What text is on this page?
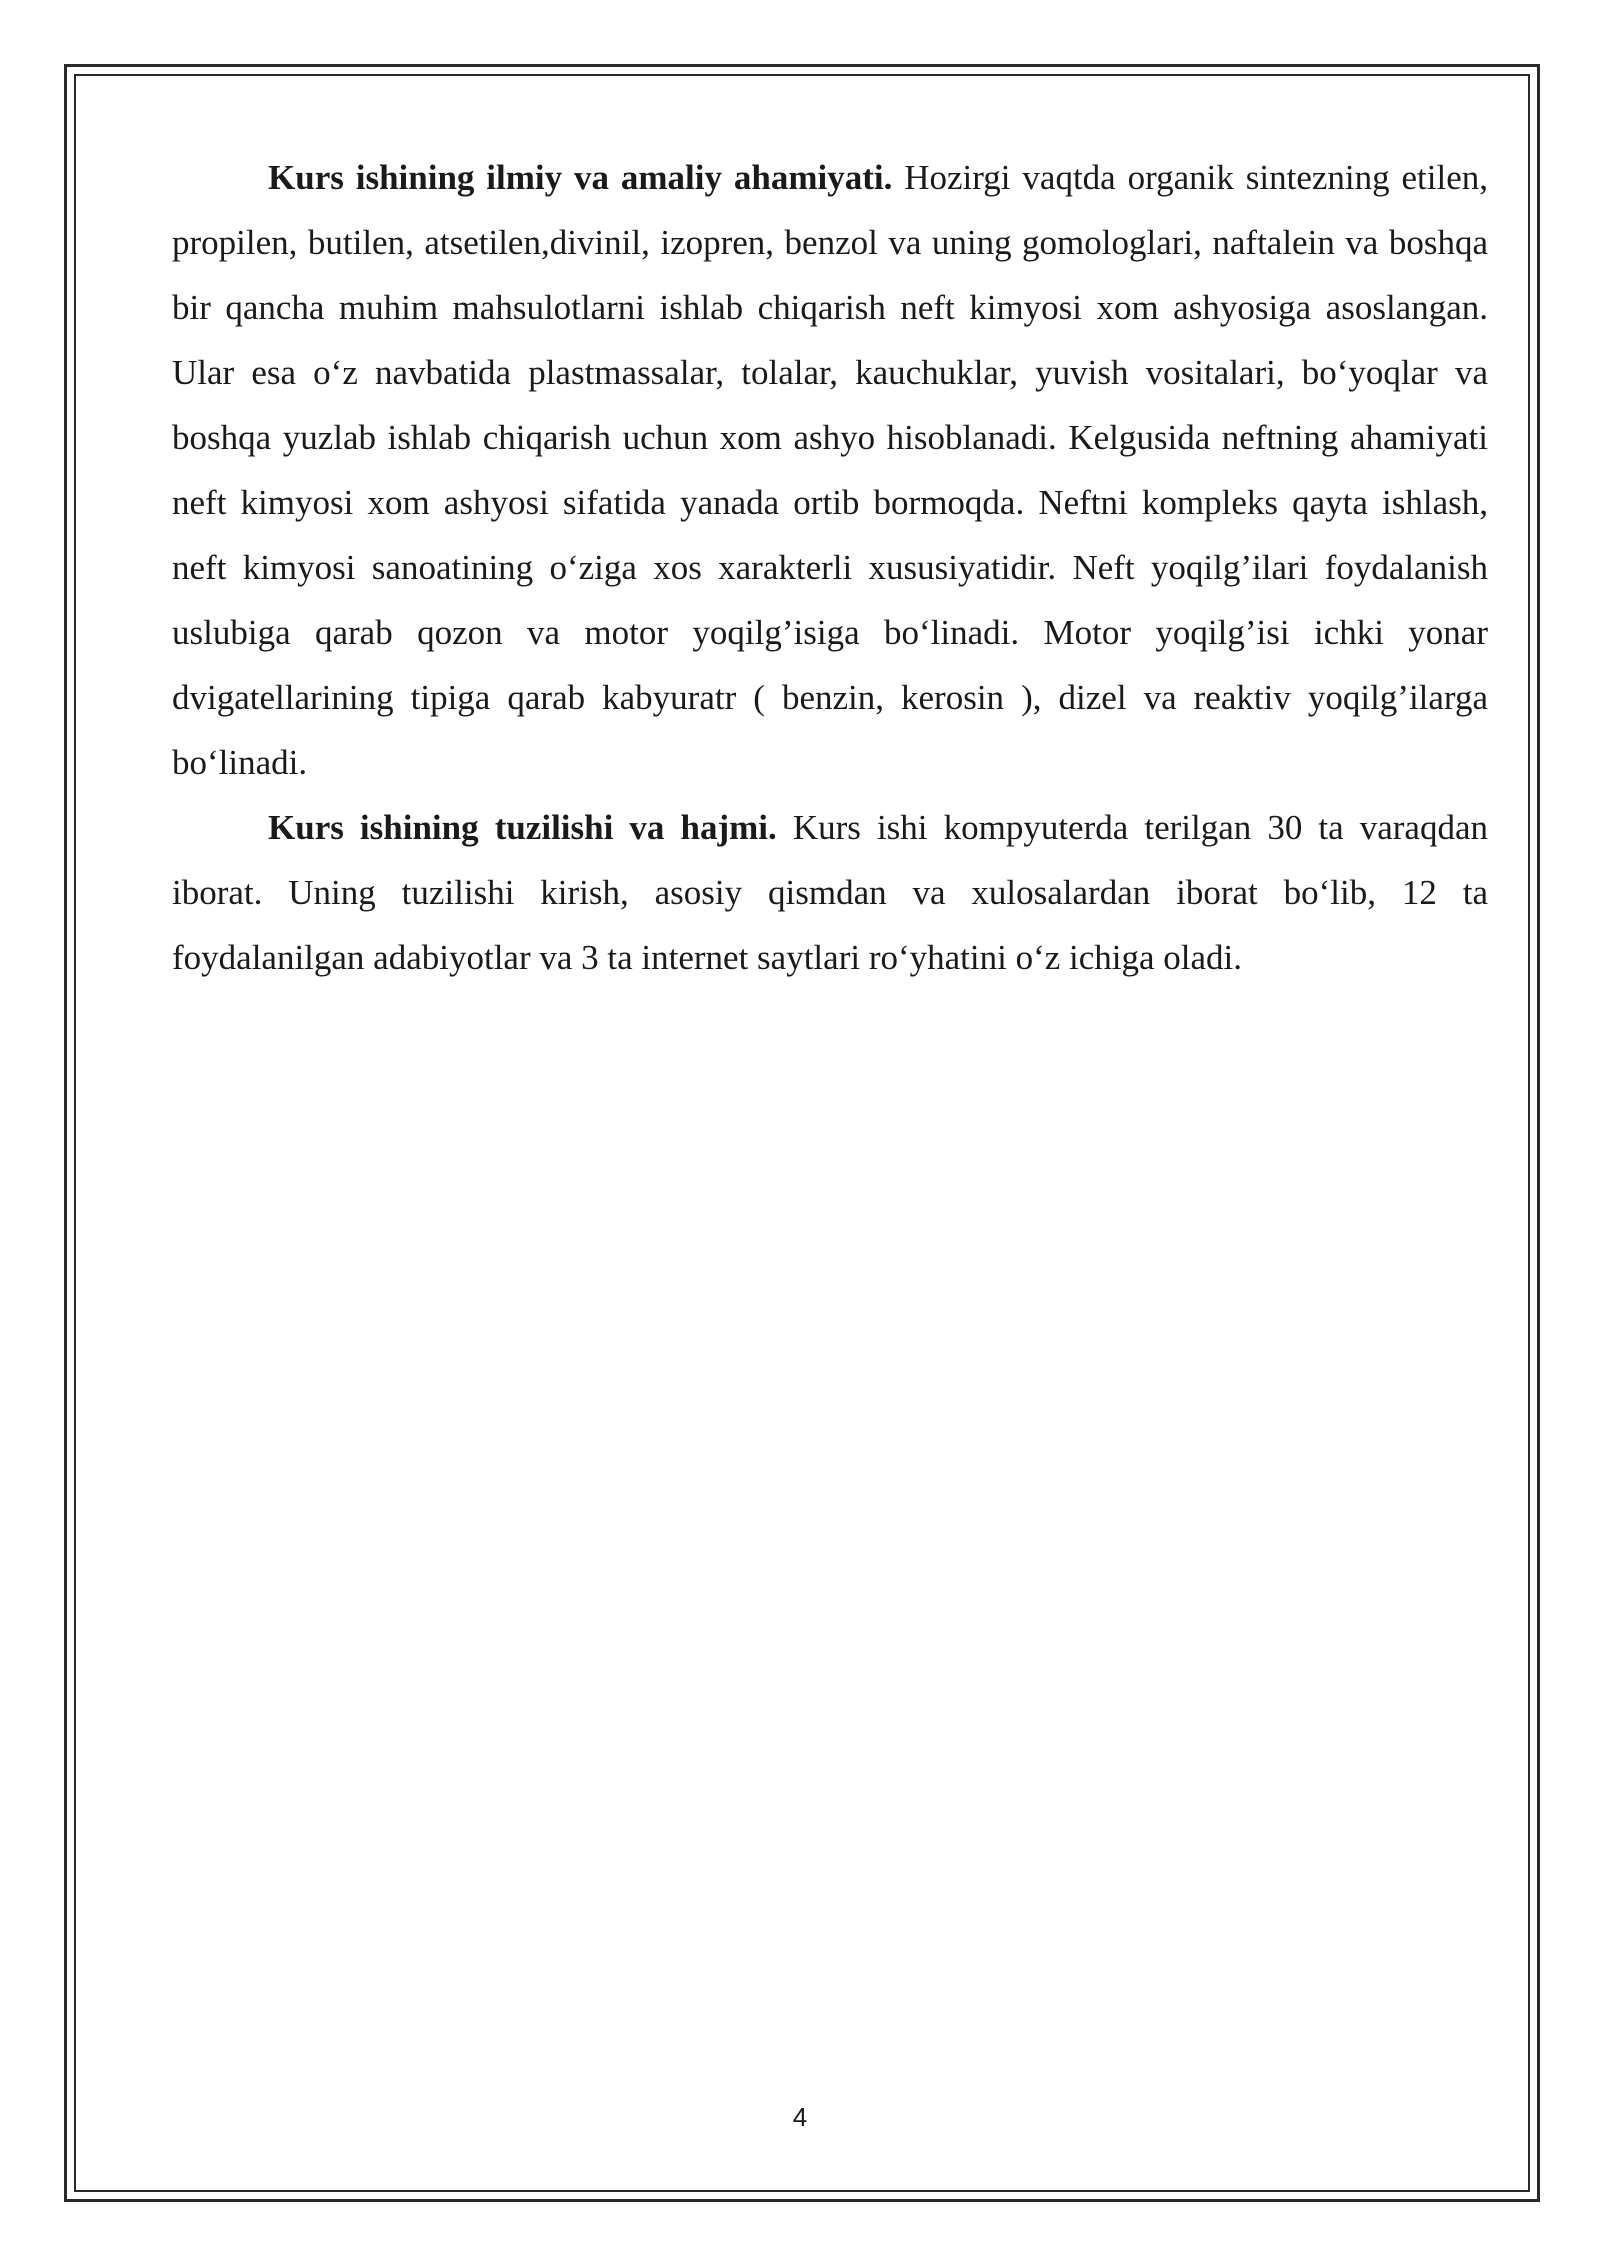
Kurs ishining ilmiy va amaliy ahamiyati. Hozirgi vaqtda organik sintezning etilen, propilen, butilen, atsetilen,divinil, izopren, benzol va uning gomologlari, naftalein va boshqa bir qancha muhim mahsulotlarni ishlab chiqarish neft kimyosi xom ashyosiga asoslangan. Ular esa o‘z navbatida plastmassalar, tolalar, kauchuklar, yuvish vositalari, bo‘yoqlar va boshqa yuzlab ishlab chiqarish uchun xom ashyo hisoblanadi. Kelgusida neftning ahamiyati neft kimyosi xom ashyosi sifatida yanada ortib bormoqda. Neftni kompleks qayta ishlash, neft kimyosi sanoatining o‘ziga xos xarakterli xususiyatidir. Neft yoqilg’ilari foydalanish uslubiga qarab qozon va motor yoqilg’isiga bo‘linadi. Motor yoqilg’isi ichki yonar dvigatellarining tipiga qarab kabyuratr ( benzin, kerosin ), dizel va reaktiv yoqilg’ilarga bo‘linadi.

Kurs ishining tuzilishi va hajmi. Kurs ishi kompyuterda terilgan 30 ta varaqdan iborat. Uning tuzilishi kirish, asosiy qismdan va xulosalardan iborat bo‘lib, 12 ta foydalanilgan adabiyotlar va 3 ta internet saytlari ro‘yhatini o‘z ichiga oladi.

4
